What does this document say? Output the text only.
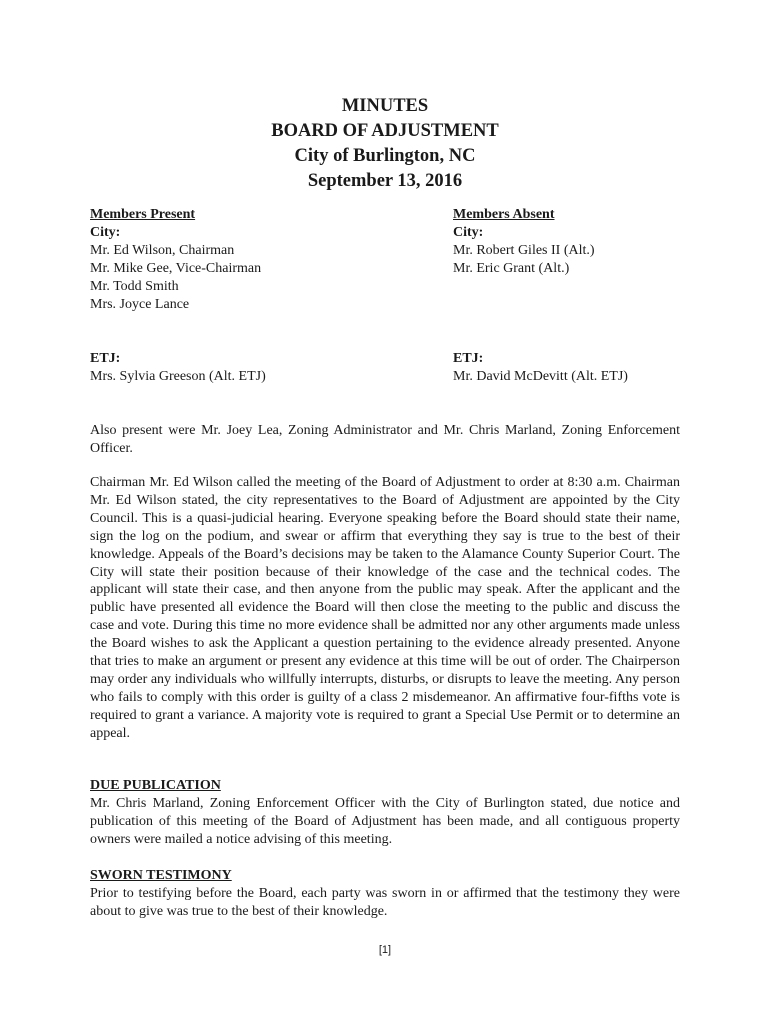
MINUTES
BOARD OF ADJUSTMENT
City of Burlington, NC
September 13, 2016
Members Present
City:
Mr. Ed Wilson, Chairman
Mr. Mike Gee, Vice-Chairman
Mr. Todd Smith
Mrs. Joyce Lance
Members Absent
City:
Mr. Robert Giles II (Alt.)
Mr. Eric Grant (Alt.)
ETJ:
Mrs. Sylvia Greeson (Alt. ETJ)
ETJ:
Mr. David McDevitt (Alt. ETJ)
Also present were Mr. Joey Lea, Zoning Administrator and Mr. Chris Marland, Zoning Enforcement Officer.
Chairman Mr. Ed Wilson called the meeting of the Board of Adjustment to order at 8:30 a.m. Chairman Mr. Ed Wilson stated, the city representatives to the Board of Adjustment are appointed by the City Council. This is a quasi-judicial hearing. Everyone speaking before the Board should state their name, sign the log on the podium, and swear or affirm that everything they say is true to the best of their knowledge. Appeals of the Board’s decisions may be taken to the Alamance County Superior Court. The City will state their position because of their knowledge of the case and the technical codes. The applicant will state their case, and then anyone from the public may speak. After the applicant and the public have presented all evidence the Board will then close the meeting to the public and discuss the case and vote. During this time no more evidence shall be admitted nor any other arguments made unless the Board wishes to ask the Applicant a question pertaining to the evidence already presented. Anyone that tries to make an argument or present any evidence at this time will be out of order. The Chairperson may order any individuals who willfully interrupts, disturbs, or disrupts to leave the meeting. Any person who fails to comply with this order is guilty of a class 2 misdemeanor. An affirmative four-fifths vote is required to grant a variance. A majority vote is required to grant a Special Use Permit or to determine an appeal.
DUE PUBLICATION
Mr. Chris Marland, Zoning Enforcement Officer with the City of Burlington stated, due notice and publication of this meeting of the Board of Adjustment has been made, and all contiguous property owners were mailed a notice advising of this meeting.
SWORN TESTIMONY
Prior to testifying before the Board, each party was sworn in or affirmed that the testimony they were about to give was true to the best of their knowledge.
[1]
